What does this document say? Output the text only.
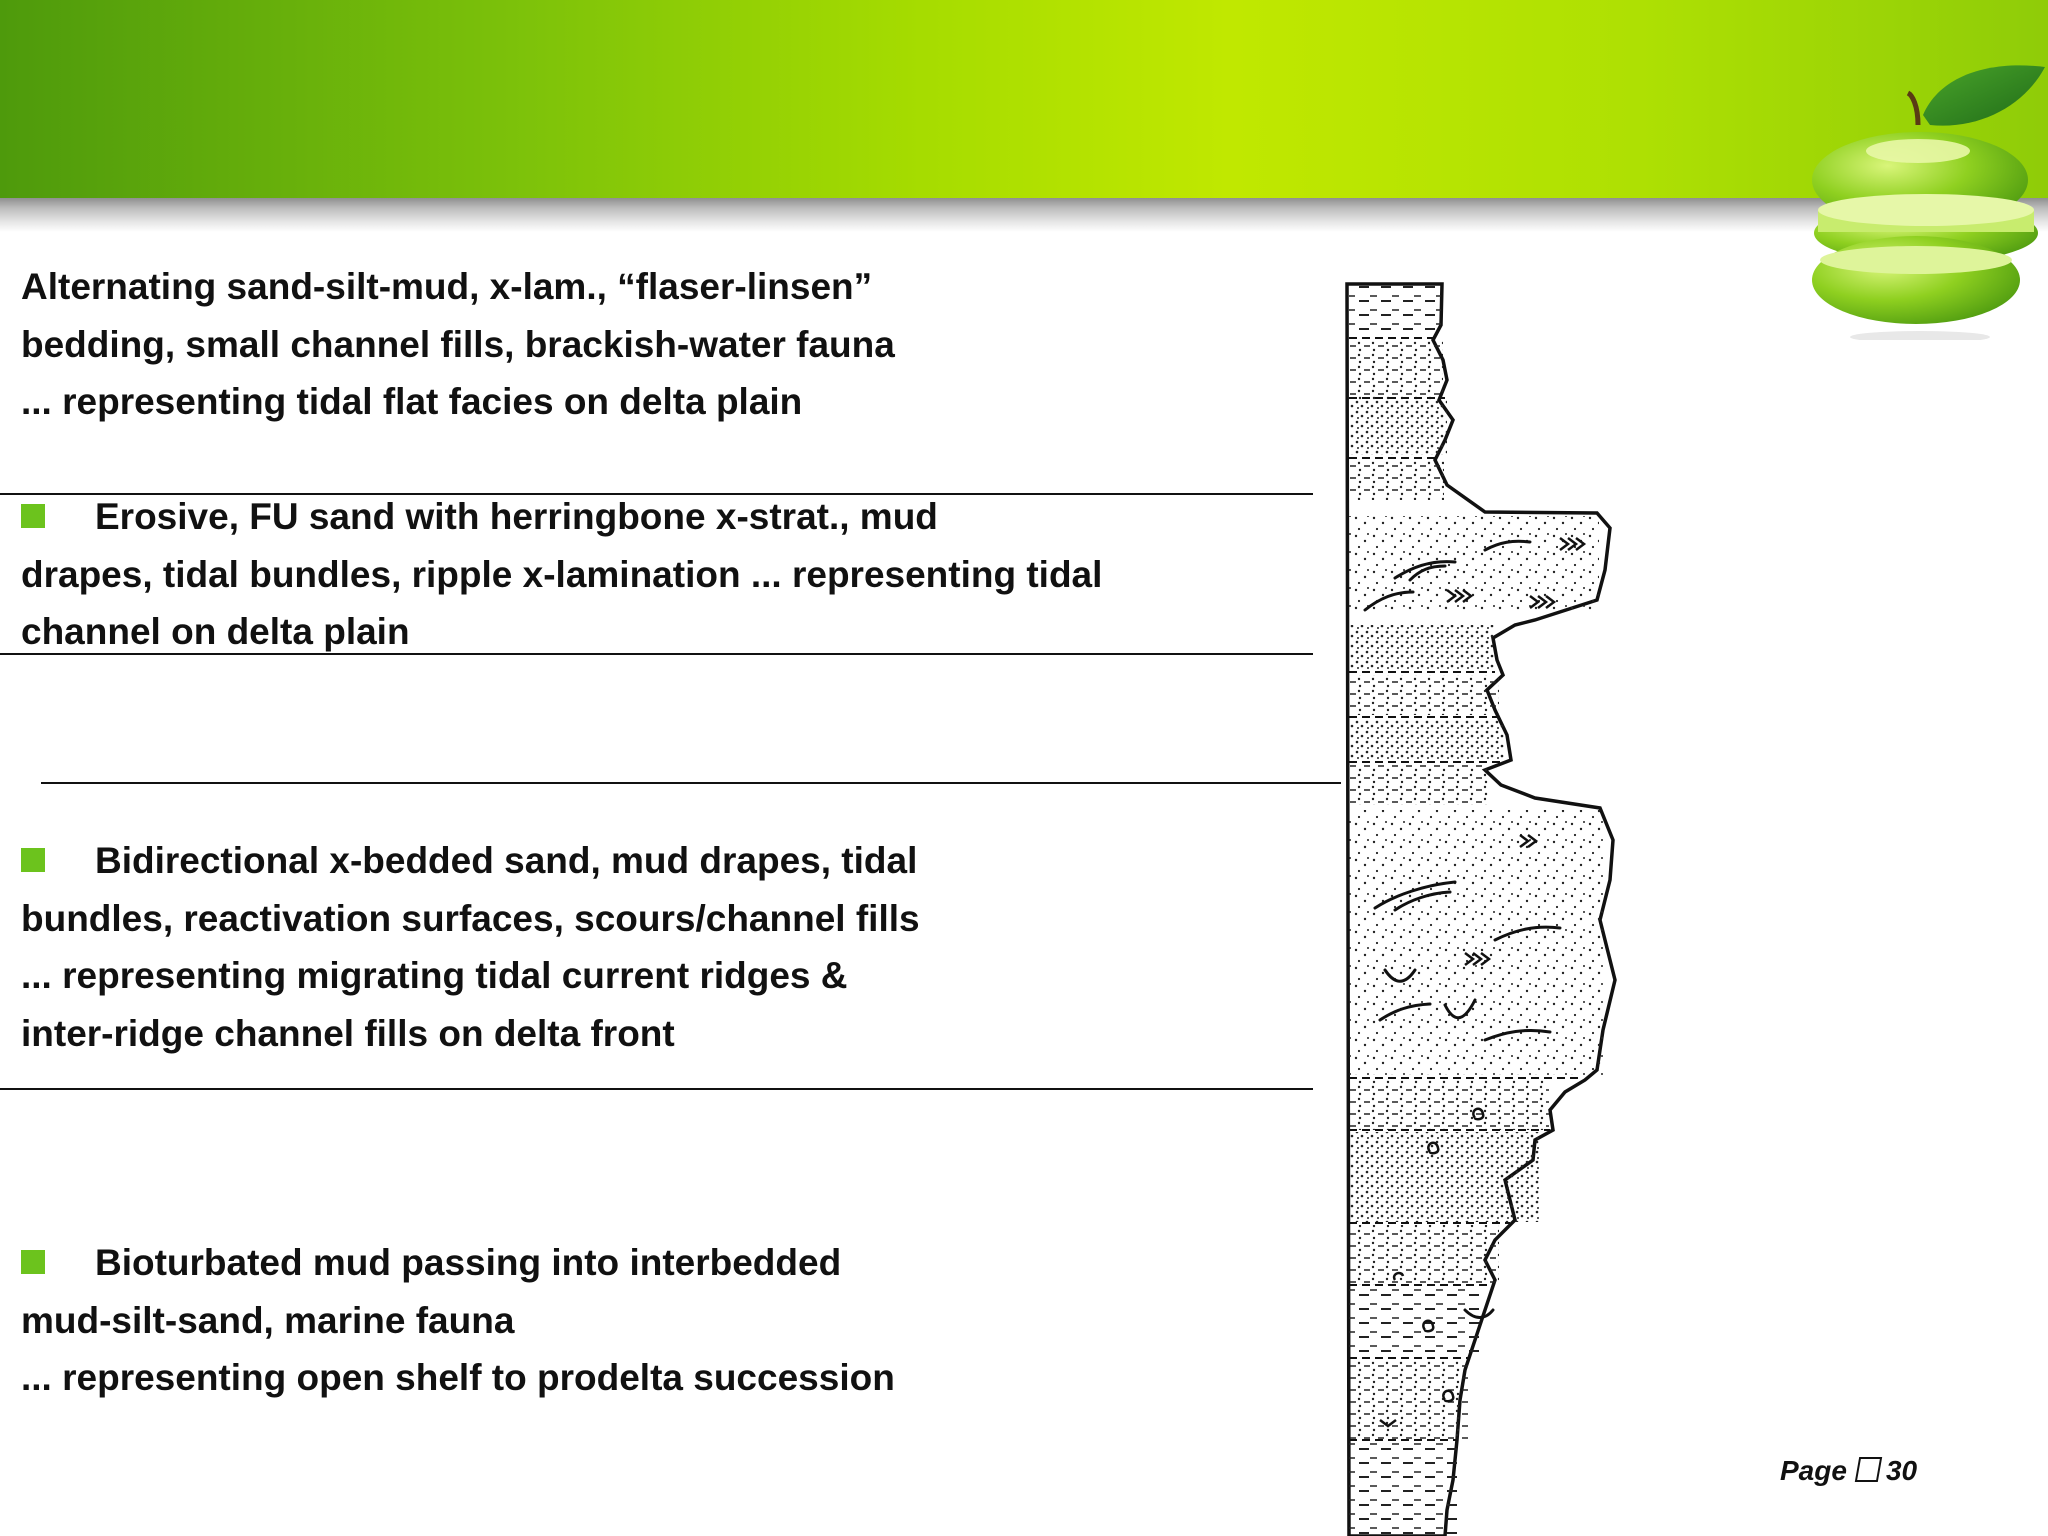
Alternating sand-silt-mud, x-lam., “flaser-linsen”
bedding, small channel fills, brackish-water fauna
... representing tidal flat facies on delta plain
Erosive, FU sand with herringbone x-strat., mud
drapes, tidal bundles, ripple x-lamination ... representing tidal
channel on delta plain
Bidirectional x-bedded sand, mud drapes, tidal
bundles, reactivation surfaces, scours/channel fills
... representing migrating tidal current ridges &
inter-ridge channel fills on delta front
Bioturbated mud passing into interbedded
mud-silt-sand, marine fauna
... representing open shelf to prodelta succession
Page 30
